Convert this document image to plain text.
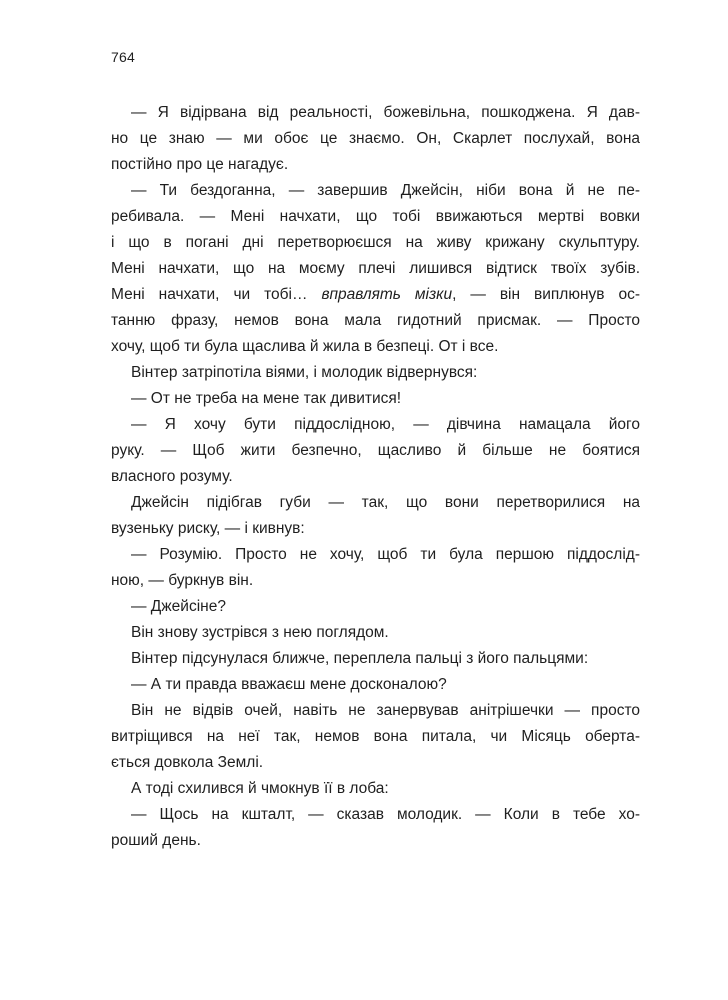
764
— Я відірвана від реальності, божевільна, пошкоджена. Я дав-
но це знаю — ми обоє це знаємо. Он, Скарлет послухай, вона
постійно про це нагадує.
— Ти бездоганна, — завершив Джейсін, ніби вона й не пе-
ребивала. — Мені начхати, що тобі ввижаються мертві вовки
і що в погані дні перетворюєшся на живу крижану скульптуру.
Мені начхати, що на моєму плечі лишився відтиск твоїх зубів.
Мені начхати, чи тобі… вправлять мізки, — він виплюнув ос-
танню фразу, немов вона мала гидотний присмак. — Просто
хочу, щоб ти була щаслива й жила в безпеці. От і все.
Вінтер затріпотіла віями, і молодик відвернувся:
— От не треба на мене так дивитися!
— Я хочу бути піддослідною, — дівчина намацала його
руку. — Щоб жити безпечно, щасливо й більше не боятися
власного розуму.
Джейсін підібгав губи — так, що вони перетворилися на
вузеньку риску, — і кивнув:
— Розумію. Просто не хочу, щоб ти була першою піддослід-
ною, — буркнув він.
— Джейсіне?
Він знову зустрівся з нею поглядом.
Вінтер підсунулася ближче, переплела пальці з його пальцями:
— А ти правда вважаєш мене досконалою?
Він не відвів очей, навіть не занервував анітрішечки — просто
витріщився на неї так, немов вона питала, чи Місяць оберта-
ється довкола Землі.
А тоді схилився й чмокнув її в лоба:
— Щось на кшталт, — сказав молодик. — Коли в тебе хо-
роший день.
